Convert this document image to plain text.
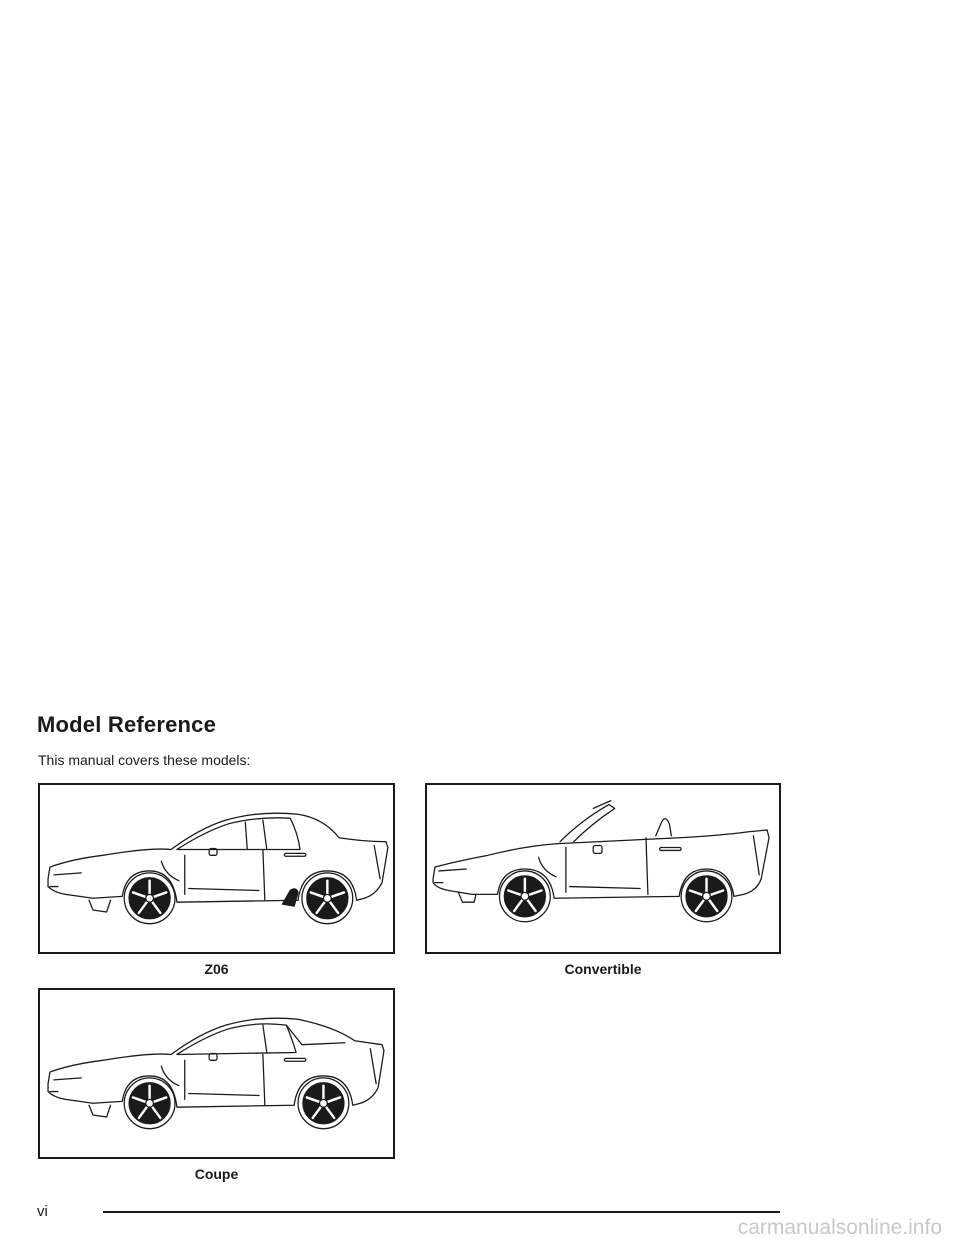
Model Reference

This manual covers these models:

Z06	Convertible
Coupe
vi
carmanualsonline.info
